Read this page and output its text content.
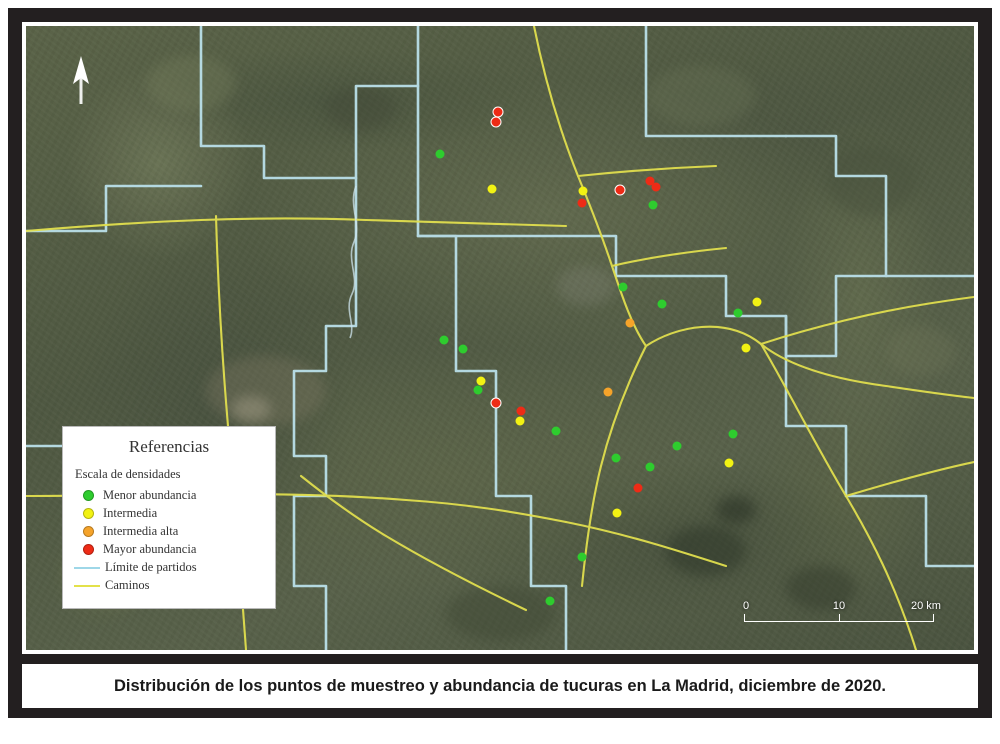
Referencias
Escala de densidades
Menor abundancia
Intermedia
Intermedia alta
Mayor abundancia
Límite de partidos
Caminos
0	10	20 km
Distribución de los puntos de muestreo y abundancia de tucuras en La Madrid, diciembre de 2020.
